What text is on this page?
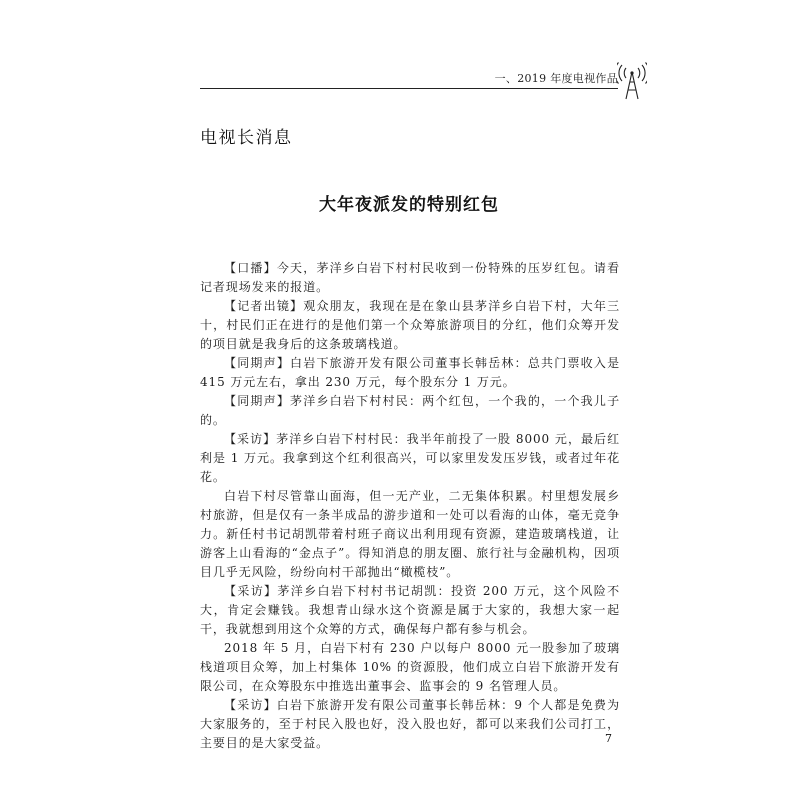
一、2019 年度电视作品
电视长消息
大年夜派发的特别红包

【口播】今天，茅洋乡白岩下村村民收到一份特殊的压岁红包。请看记者现场发来的报道。

【记者出镜】观众朋友，我现在是在象山县茅洋乡白岩下村，大年三十，村民们正在进行的是他们第一个众筹旅游项目的分红，他们众筹开发的项目就是我身后的这条玻璃栈道。

【同期声】白岩下旅游开发有限公司董事长韩岳林：总共门票收入是 415 万元左右，拿出 230 万元，每个股东分 1 万元。

【同期声】茅洋乡白岩下村村民：两个红包，一个我的，一个我儿子的。

【采访】茅洋乡白岩下村村民：我半年前投了一股 8000 元，最后红利是 1 万元。我拿到这个红利很高兴，可以家里发发压岁钱，或者过年花花。

白岩下村尽管靠山面海，但一无产业，二无集体积累。村里想发展乡村旅游，但是仅有一条半成品的游步道和一处可以看海的山体，毫无竞争力。新任村书记胡凯带着村班子商议出利用现有资源，建造玻璃栈道，让游客上山看海的“金点子”。得知消息的朋友圈、旅行社与金融机构，因项目几乎无风险，纷纷向村干部抛出“橄榄枝”。

【采访】茅洋乡白岩下村村书记胡凯：投资 200 万元，这个风险不大，肯定会赚钱。我想青山绿水这个资源是属于大家的，我想大家一起干，我就想到用这个众筹的方式，确保每户都有参与机会。

2018 年 5 月，白岩下村有 230 户以每户 8000 元一股参加了玻璃栈道项目众筹，加上村集体 10% 的资源股，他们成立白岩下旅游开发有限公司，在众筹股东中推选出董事会、监事会的 9 名管理人员。

【采访】白岩下旅游开发有限公司董事长韩岳林：9 个人都是免费为大家服务的，至于村民入股也好，没入股也好，都可以来我们公司打工，主要目的是大家受益。	7
